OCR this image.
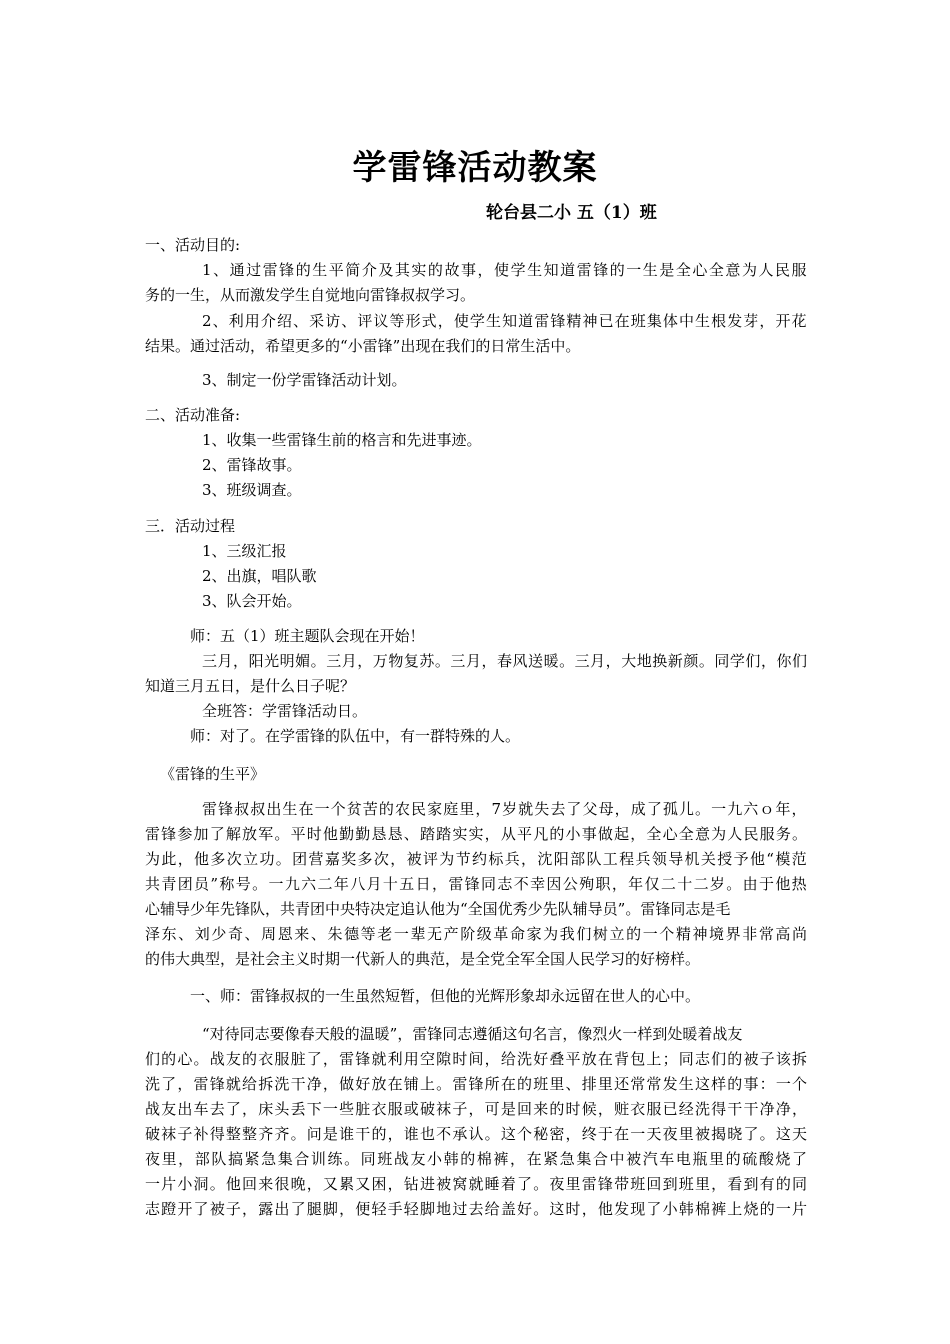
学雷锋活动教案
轮台县二小 五（1）班
一、活动目的:
1、通过雷锋的生平简介及其实的故事，使学生知道雷锋的一生是全心全意为人民服
务的一生，从而激发学生自觉地向雷锋叔叔学习。
2、利用介绍、采访、评议等形式，使学生知道雷锋精神已在班集体中生根发芽，开花
结果。通过活动，希望更多的“小雷锋”出现在我们的日常生活中。
3、制定一份学雷锋活动计划。
二、活动准备:
1、收集一些雷锋生前的格言和先进事迹。
2、雷锋故事。
3、班级调查。
三．活动过程
1、三级汇报
2、出旗，唱队歌
3、队会开始。
师：五（1）班主题队会现在开始！
三月，阳光明媚。三月，万物复苏。三月，春风送暖。三月，大地换新颜。同学们，你们
知道三月五日，是什么日子呢？
全班答：学雷锋活动日。
师：对了。在学雷锋的队伍中，有一群特殊的人。
《雷锋的生平》
雷锋叔叔出生在一个贫苦的农民家庭里，7岁就失去了父母，成了孤儿。一九六ｏ年，
雷锋参加了解放军。平时他勤勤恳恳、踏踏实实，从平凡的小事做起，全心全意为人民服务。
为此，他多次立功。团营嘉奖多次，被评为节约标兵，沈阳部队工程兵领导机关授予他“模范
共青团员”称号。一九六二年八月十五日，雷锋同志不幸因公殉职，年仅二十二岁。由于他热
心辅导少年先锋队，共青团中央特决定追认他为“全国优秀少先队辅导员”。雷锋同志是毛
泽东、刘少奇、周恩来、朱德等老一辈无产阶级革命家为我们树立的一个精神境界非常高尚
的伟大典型，是社会主义时期一代新人的典范，是全党全军全国人民学习的好榜样。
一、师：雷锋叔叔的一生虽然短暂，但他的光辉形象却永远留在世人的心中。
“对待同志要像春天般的温暖”，雷锋同志遵循这句名言，像烈火一样到处暖着战友
们的心。战友的衣服脏了，雷锋就利用空隙时间，给洗好叠平放在背包上；同志们的被子该拆
洗了，雷锋就给拆洗干净，做好放在铺上。雷锋所在的班里、排里还常常发生这样的事：一个
战友出车去了，床头丢下一些脏衣服或破袜子，可是回来的时候，赃衣服已经洗得干干净净，
破袜子补得整整齐齐。问是谁干的，谁也不承认。这个秘密，终于在一天夜里被揭晓了。这天
夜里，部队搞紧急集合训练。同班战友小韩的棉裤，在紧急集合中被汽车电瓶里的硫酸烧了
一片小洞。他回来很晚，又累又困，钻进被窝就睡着了。夜里雷锋带班回到班里，看到有的同
志蹬开了被子，露出了腿脚，便轻手轻脚地过去给盖好。这时，他发现了小韩棉裤上烧的一片
